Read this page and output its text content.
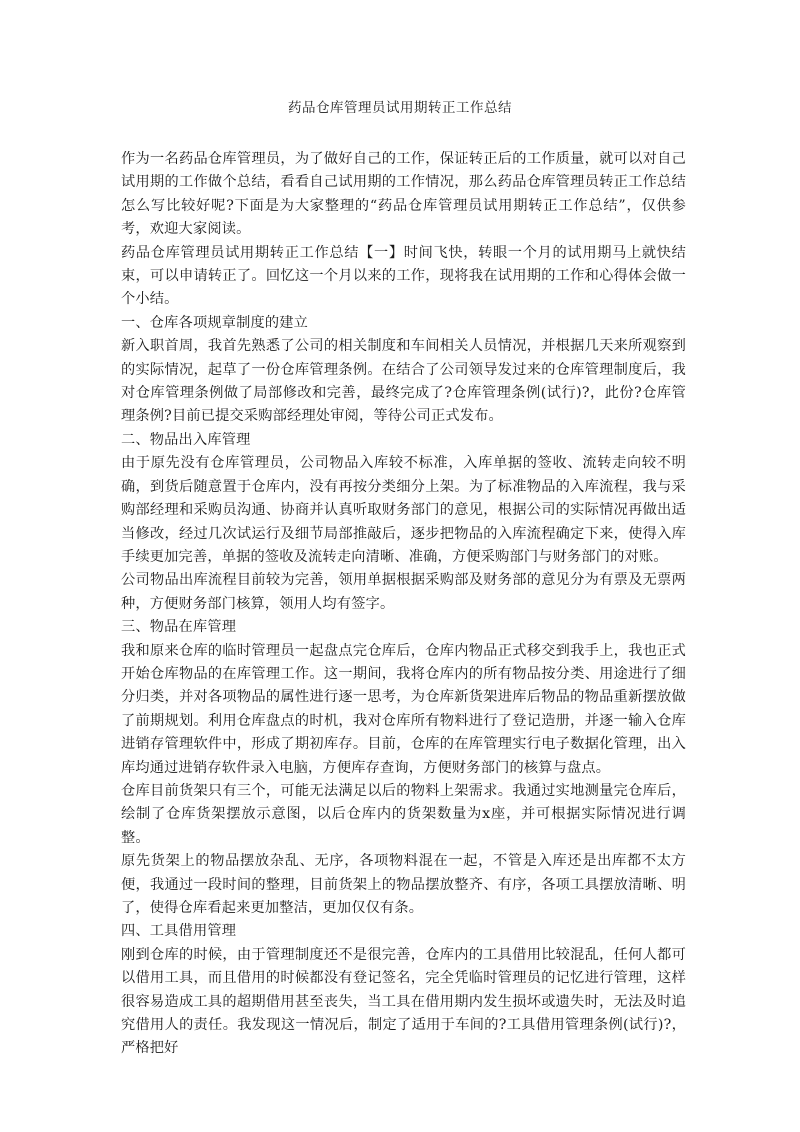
药品仓库管理员试用期转正工作总结

作为一名药品仓库管理员，为了做好自己的工作，保证转正后的工作质量，就可以对自己试用期的工作做个总结，看看自己试用期的工作情况，那么药品仓库管理员转正工作总结怎么写比较好呢?下面是为大家整理的“药品仓库管理员试用期转正工作总结”，仅供参考，欢迎大家阅读。

药品仓库管理员试用期转正工作总结【一】时间飞快，转眼一个月的试用期马上就快结束，可以申请转正了。回忆这一个月以来的工作，现将我在试用期的工作和心得体会做一个小结。

一、仓库各项规章制度的建立

新入职首周，我首先熟悉了公司的相关制度和车间相关人员情况，并根据几天来所观察到的实际情况，起草了一份仓库管理条例。在结合了公司领导发过来的仓库管理制度后，我对仓库管理条例做了局部修改和完善，最终完成了?仓库管理条例(试行)?，此份?仓库管理条例?目前已提交采购部经理处审阅，等待公司正式发布。

二、物品出入库管理

由于原先没有仓库管理员，公司物品入库较不标准，入库单据的签收、流转走向较不明确，到货后随意置于仓库内，没有再按分类细分上架。为了标准物品的入库流程，我与采购部经理和采购员沟通、协商并认真听取财务部门的意见，根据公司的实际情况再做出适当修改，经过几次试运行及细节局部推敲后，逐步把物品的入库流程确定下来，使得入库手续更加完善，单据的签收及流转走向清晰、准确，方便采购部门与财务部门的对账。

公司物品出库流程目前较为完善，领用单据根据采购部及财务部的意见分为有票及无票两种，方便财务部门核算，领用人均有签字。

三、物品在库管理

我和原来仓库的临时管理员一起盘点完仓库后，仓库内物品正式移交到我手上，我也正式开始仓库物品的在库管理工作。这一期间，我将仓库内的所有物品按分类、用途进行了细分归类，并对各项物品的属性进行逐一思考，为仓库新货架进库后物品的物品重新摆放做了前期规划。利用仓库盘点的时机，我对仓库所有物料进行了登记造册，并逐一输入仓库进销存管理软件中，形成了期初库存。目前，仓库的在库管理实行电子数据化管理，出入库均通过进销存软件录入电脑，方便库存查询，方便财务部门的核算与盘点。

仓库目前货架只有三个，可能无法满足以后的物料上架需求。我通过实地测量完仓库后，绘制了仓库货架摆放示意图，以后仓库内的货架数量为x座，并可根据实际情况进行调整。

原先货架上的物品摆放杂乱、无序，各项物料混在一起，不管是入库还是出库都不太方便，我通过一段时间的整理，目前货架上的物品摆放整齐、有序，各项工具摆放清晰、明了，使得仓库看起来更加整洁，更加仅仅有条。

四、工具借用管理

刚到仓库的时候，由于管理制度还不是很完善，仓库内的工具借用比较混乱，任何人都可以借用工具，而且借用的时候都没有登记签名，完全凭临时管理员的记忆进行管理，这样很容易造成工具的超期借用甚至丧失，当工具在借用期内发生损坏或遗失时，无法及时追究借用人的责任。我发现这一情况后，制定了适用于车间的?工具借用管理条例(试行)?，严格把好
